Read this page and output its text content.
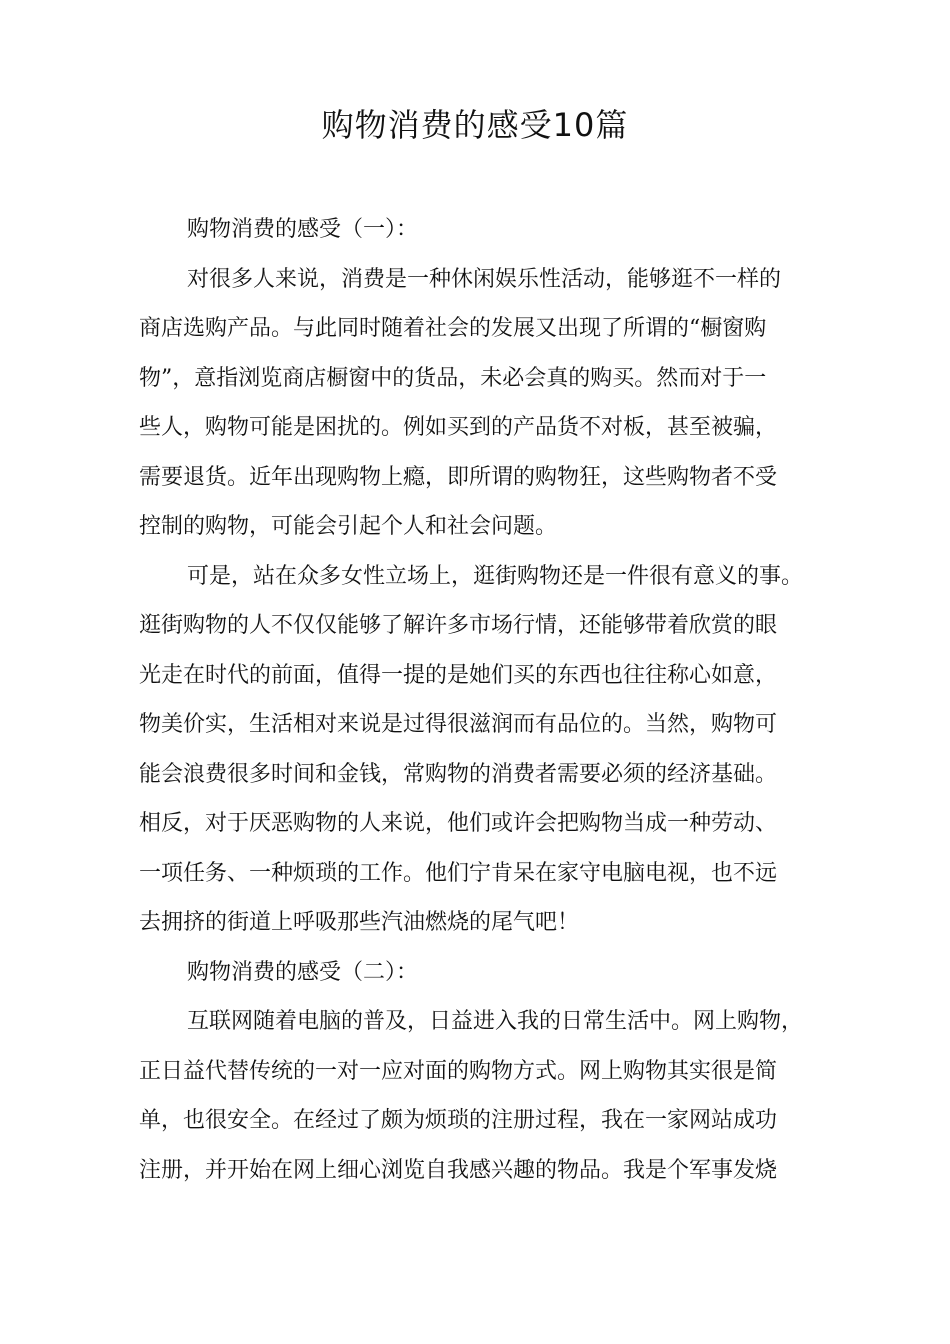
购物消费的感受10篇
购物消费的感受（一）：
对很多人来说，消费是一种休闲娱乐性活动，能够逛不一样的
商店选购产品。与此同时随着社会的发展又出现了所谓的“橱窗购
物”，意指浏览商店橱窗中的货品，未必会真的购买。然而对于一
些人，购物可能是困扰的。例如买到的产品货不对板，甚至被骗，
需要退货。近年出现购物上瘾，即所谓的购物狂，这些购物者不受
控制的购物，可能会引起个人和社会问题。
可是，站在众多女性立场上，逛街购物还是一件很有意义的事。
逛街购物的人不仅仅能够了解许多市场行情，还能够带着欣赏的眼
光走在时代的前面，值得一提的是她们买的东西也往往称心如意，
物美价实，生活相对来说是过得很滋润而有品位的。当然，购物可
能会浪费很多时间和金钱，常购物的消费者需要必须的经济基础。
相反，对于厌恶购物的人来说，他们或许会把购物当成一种劳动、
一项任务、一种烦琐的工作。他们宁肯呆在家守电脑电视，也不远
去拥挤的街道上呼吸那些汽油燃烧的尾气吧！
购物消费的感受（二）：
互联网随着电脑的普及，日益进入我的日常生活中。网上购物，
正日益代替传统的一对一应对面的购物方式。网上购物其实很是简
单，也很安全。在经过了颇为烦琐的注册过程，我在一家网站成功
注册，并开始在网上细心浏览自我感兴趣的物品。我是个军事发烧
